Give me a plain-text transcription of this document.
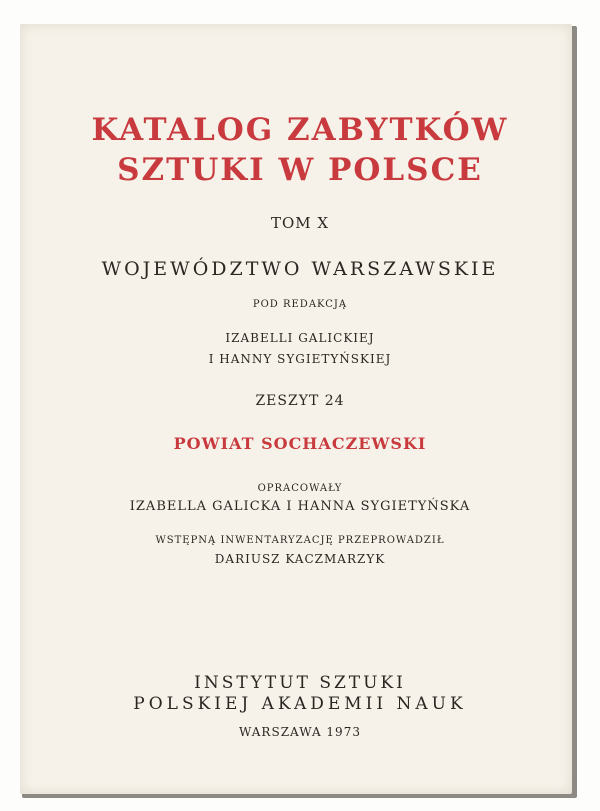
KATALOG ZABYTKÓW
SZTUKI W POLSCE
TOM X
WOJEWÓDZTWO WARSZAWSKIE
POD REDAKCJĄ
IZABELLI GALICKIEJ
I HANNY SYGIETYŃSKIEJ
ZESZYT 24
POWIAT SOCHACZEWSKI
OPRACOWAŁY
IZABELLA GALICKA I HANNA SYGIETYŃSKA
WSTĘPNĄ INWENTARYZACJĘ PRZEPROWADZIŁ
DARIUSZ KACZMARZYK
INSTYTUT SZTUKI
POLSKIEJ AKADEMII NAUK
WARSZAWA 1973
